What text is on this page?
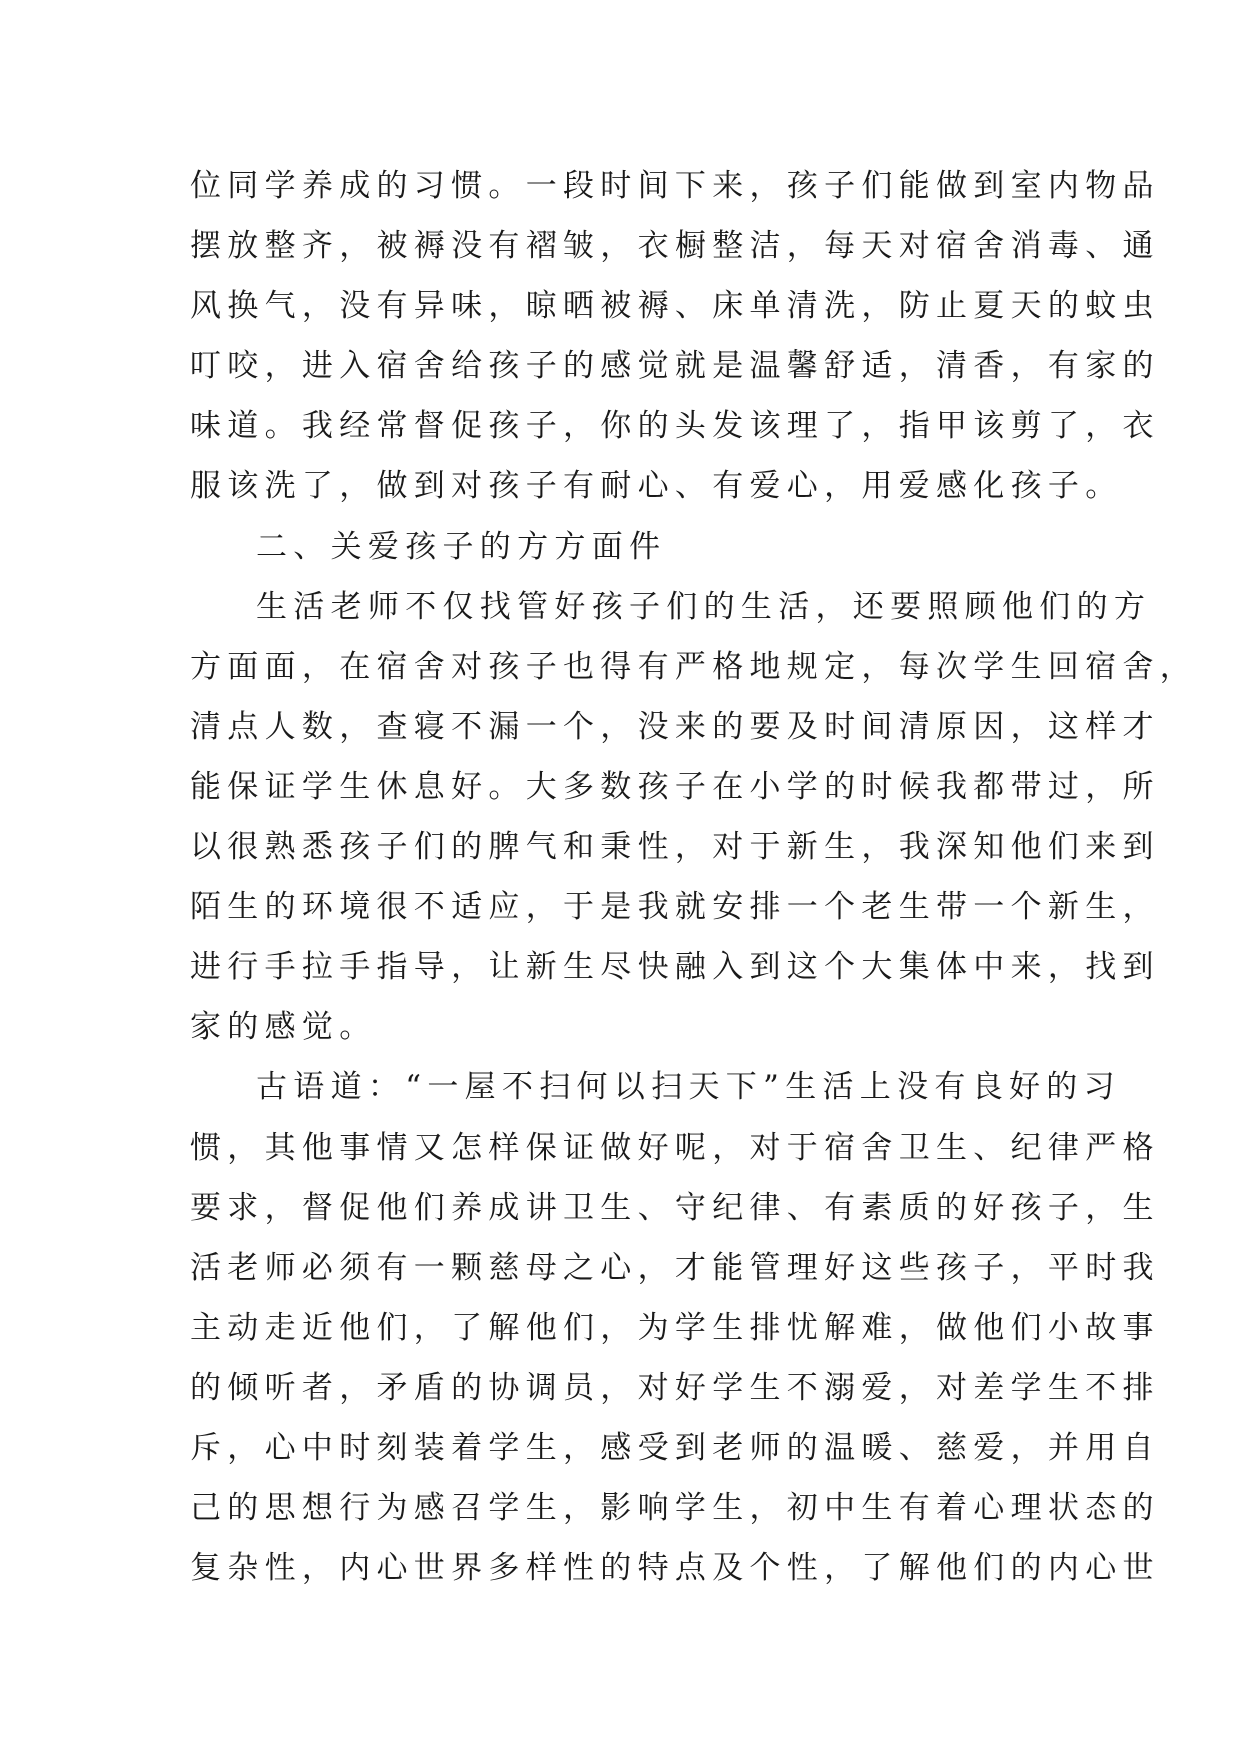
位同学养成的习惯。一段时间下来，孩子们能做到室内物品
摆放整齐，被褥没有褶皱，衣橱整洁，每天对宿舍消毒、通
风换气，没有异味，晾晒被褥、床单清洗，防止夏天的蚊虫
叮咬，进入宿舍给孩子的感觉就是温馨舒适，清香，有家的
味道。我经常督促孩子，你的头发该理了，指甲该剪了，衣
服该洗了，做到对孩子有耐心、有爱心，用爱感化孩子。
二、关爱孩子的方方面件
生活老师不仅找管好孩子们的生活，还要照顾他们的方
方面面，在宿舍对孩子也得有严格地规定，每次学生回宿舍，
清点人数，查寝不漏一个，没来的要及时间清原因，这样才
能保证学生休息好。大多数孩子在小学的时候我都带过，所
以很熟悉孩子们的脾气和秉性，对于新生，我深知他们来到
陌生的环境很不适应，于是我就安排一个老生带一个新生，
进行手拉手指导，让新生尽快融入到这个大集体中来，找到
家的感觉。
古语道：“一屋不扫何以扫天下”生活上没有良好的习
惯，其他事情又怎样保证做好呢，对于宿舍卫生、纪律严格
要求，督促他们养成讲卫生、守纪律、有素质的好孩子，生
活老师必须有一颗慈母之心，才能管理好这些孩子，平时我
主动走近他们，了解他们，为学生排忧解难，做他们小故事
的倾听者，矛盾的协调员，对好学生不溺爱，对差学生不排
斥，心中时刻装着学生，感受到老师的温暖、慈爱，并用自
己的思想行为感召学生，影响学生，初中生有着心理状态的
复杂性，内心世界多样性的特点及个性，了解他们的内心世
